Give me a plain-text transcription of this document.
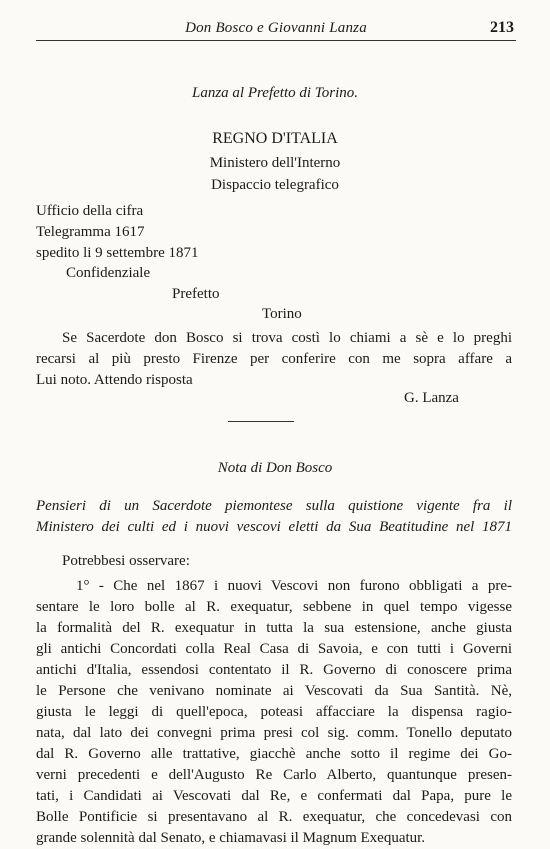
Don Bosco e Giovanni Lanza	213
Lanza al Prefetto di Torino.
REGNO D'ITALIA
Ministero dell'Interno
Dispaccio telegrafico
Ufficio della cifra
Telegramma 1617
spedito li 9 settembre 1871
Confidenziale
Prefetto
Torino
Se Sacerdote don Bosco si trova costì lo chiami a sè e lo preghi
recarsi al più presto Firenze per conferire con me sopra affare a
Lui noto. Attendo risposta
G. Lanza
Nota di Don Bosco
Pensieri di un Sacerdote piemontese sulla quistione vigente fra il
Ministero dei culti ed i nuovi vescovi eletti da Sua Beatitudine nel 1871
Potrebbesi osservare:
1° - Che nel 1867 i nuovi Vescovi non furono obbligati a pre-
sentare le loro bolle al R. exequatur, sebbene in quel tempo vigesse
la formalità del R. exequatur in tutta la sua estensione, anche giusta
gli antichi Concordati colla Real Casa di Savoia, e con tutti i Governi
antichi d'Italia, essendosi contentato il R. Governo di conoscere prima
le Persone che venivano nominate ai Vescovati da Sua Santità. Nè,
giusta le leggi di quell'epoca, poteasi affacciare la dispensa ragio-
nata, dal lato dei convegni prima presi col sig. comm. Tonello deputato
dal R. Governo alle trattative, giacchè anche sotto il regime dei Go-
verni precedenti e dell'Augusto Re Carlo Alberto, quantunque presen-
tati, i Candidati ai Vescovati dal Re, e confermati dal Papa, pure le
Bolle Pontificie si presentavano al R. exequatur, che concedevasi con
grande solennità dal Senato, e chiamavasi il Magnum Exequatur.
